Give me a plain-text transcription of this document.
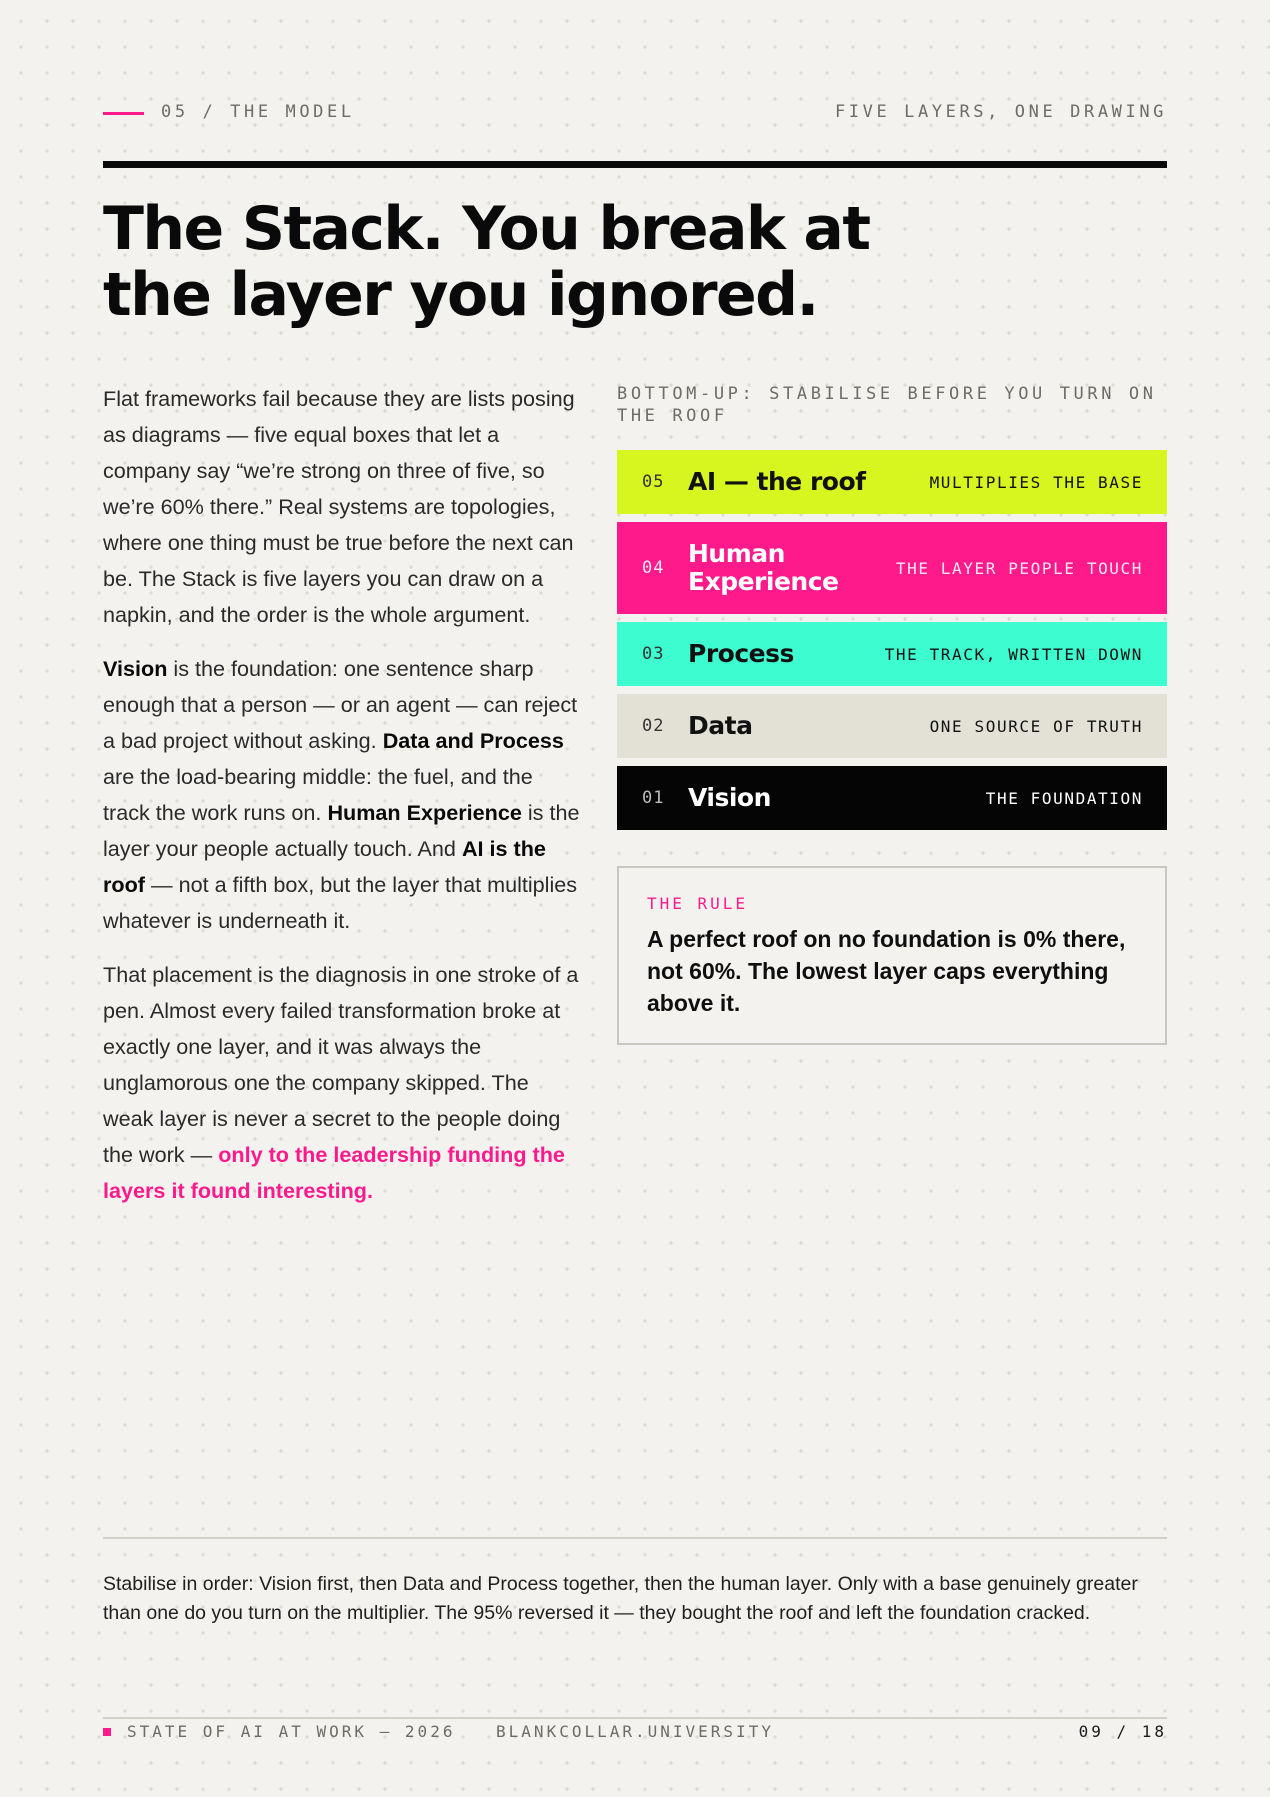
05 / THE MODEL	FIVE LAYERS, ONE DRAWING
The Stack. You break at
the layer you ignored.

Flat frameworks fail because they are lists posing as diagrams — five equal boxes that let a company say “we’re strong on three of five, so we’re 60% there.” Real systems are topologies, where one thing must be true before the next can be. The Stack is five layers you can draw on a napkin, and the order is the whole argument.

Vision is the foundation: one sentence sharp enough that a person — or an agent — can reject a bad project without asking. Data and Process are the load-bearing middle: the fuel, and the track the work runs on. Human Experience is the layer your people actually touch. And AI is the roof — not a fifth box, but the layer that multiplies whatever is underneath it.

That placement is the diagnosis in one stroke of a pen. Almost every failed transformation broke at exactly one layer, and it was always the unglamorous one the company skipped. The weak layer is never a secret to the people doing the work — only to the leadership funding the layers it found interesting.

BOTTOM-UP: STABILISE BEFORE YOU TURN ON THE ROOF
05 AI — the roof	MULTIPLIES THE BASE
04 Human Experience	THE LAYER PEOPLE TOUCH
03 Process	THE TRACK, WRITTEN DOWN
02 Data	ONE SOURCE OF TRUTH
01 Vision	THE FOUNDATION
THE RULE
A perfect roof on no foundation is 0% there, not 60%. The lowest layer caps everything above it.

Stabilise in order: Vision first, then Data and Process together, then the human layer. Only with a base genuinely greater than one do you turn on the multiplier. The 95% reversed it — they bought the roof and left the foundation cracked.

STATE OF AI AT WORK — 2026	BLANKCOLLAR.UNIVERSITY	09 / 18
